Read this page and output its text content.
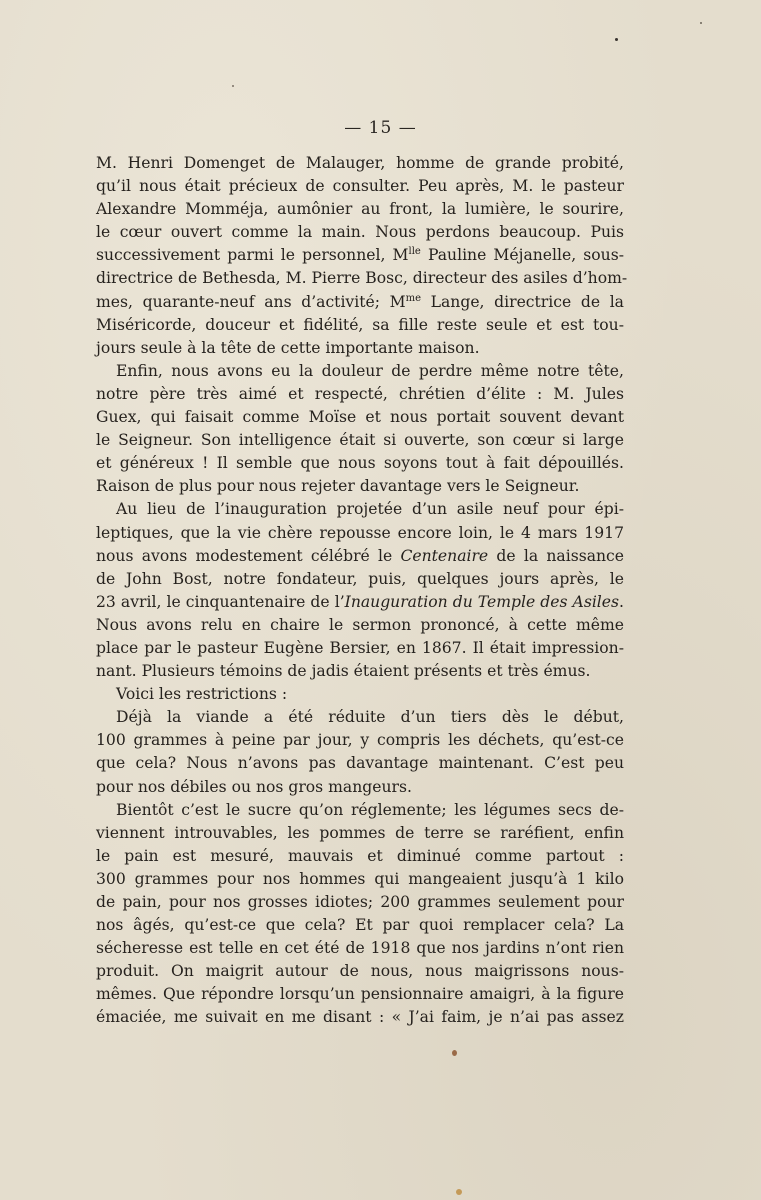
— 15 —
M. Henri Domenget de Malauger, homme de grande probité,
qu’il nous était précieux de consulter. Peu après, M. le pasteur
Alexandre Momméja, aumônier au front, la lumière, le sourire,
le cœur ouvert comme la main. Nous perdons beaucoup. Puis
successivement parmi le personnel, $M^{lle}$ Pauline Méjanelle, sous-
directrice de Bethesda, M. Pierre Bosc, directeur des asiles d’hom-
mes, quarante-neuf ans d’activité; $M^{me}$ Lange, directrice de la
Miséricorde, douceur et fidélité, sa fille reste seule et est tou-
jours seule à la tête de cette importante maison.
Enfin, nous avons eu la douleur de perdre même notre tête,
notre père très aimé et respecté, chrétien d’élite : M. Jules
Guex, qui faisait comme Moïse et nous portait souvent devant
le Seigneur. Son intelligence était si ouverte, son cœur si large
et généreux ! Il semble que nous soyons tout à fait dépouillés.
Raison de plus pour nous rejeter davantage vers le Seigneur.
Au lieu de l’inauguration projetée d’un asile neuf pour épi-
leptiques, que la vie chère repousse encore loin, le 4 mars 1917
nous avons modestement célébré le Centenaire de la naissance
de John Bost, notre fondateur, puis, quelques jours après, le
23 avril, le cinquantenaire de l’Inauguration du Temple des Asiles.
Nous avons relu en chaire le sermon prononcé, à cette même
place par le pasteur Eugène Bersier, en 1867. Il était impression-
nant. Plusieurs témoins de jadis étaient présents et très émus.
Voici les restrictions :
Déjà la viande a été réduite d’un tiers dès le début,
100 grammes à peine par jour, y compris les déchets, qu’est-ce
que cela? Nous n’avons pas davantage maintenant. C’est peu
pour nos débiles ou nos gros mangeurs.
Bientôt c’est le sucre qu’on réglemente; les légumes secs de-
viennent introuvables, les pommes de terre se raréfient, enfin
le pain est mesuré, mauvais et diminué comme partout :
300 grammes pour nos hommes qui mangeaient jusqu’à 1 kilo
de pain, pour nos grosses idiotes; 200 grammes seulement pour
nos âgés, qu’est-ce que cela? Et par quoi remplacer cela? La
sécheresse est telle en cet été de 1918 que nos jardins n’ont rien
produit. On maigrit autour de nous, nous maigrissons nous-
mêmes. Que répondre lorsqu’un pensionnaire amaigri, à la figure
émaciée, me suivait en me disant : « J’ai faim, je n’ai pas assez
